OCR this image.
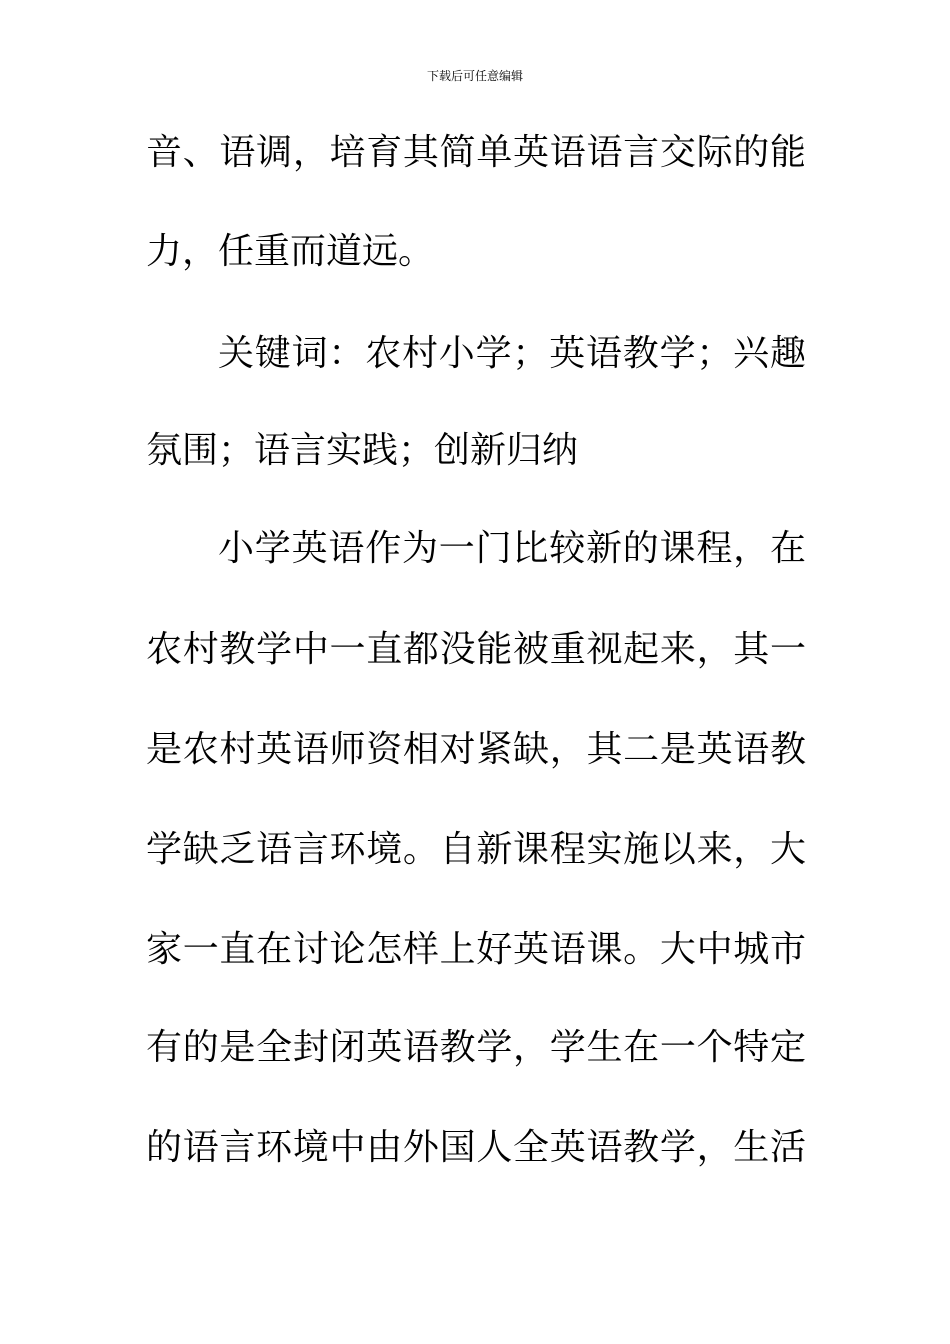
下载后可任意编辑
音、语调，培育其简单英语语言交际的能
力，任重而道远。
关键词：农村小学；英语教学；兴趣
氛围；语言实践；创新归纳
小学英语作为一门比较新的课程，在
农村教学中一直都没能被重视起来，其一
是农村英语师资相对紧缺，其二是英语教
学缺乏语言环境。自新课程实施以来，大
家一直在讨论怎样上好英语课。大中城市
有的是全封闭英语教学，学生在一个特定
的语言环境中由外国人全英语教学，生活
